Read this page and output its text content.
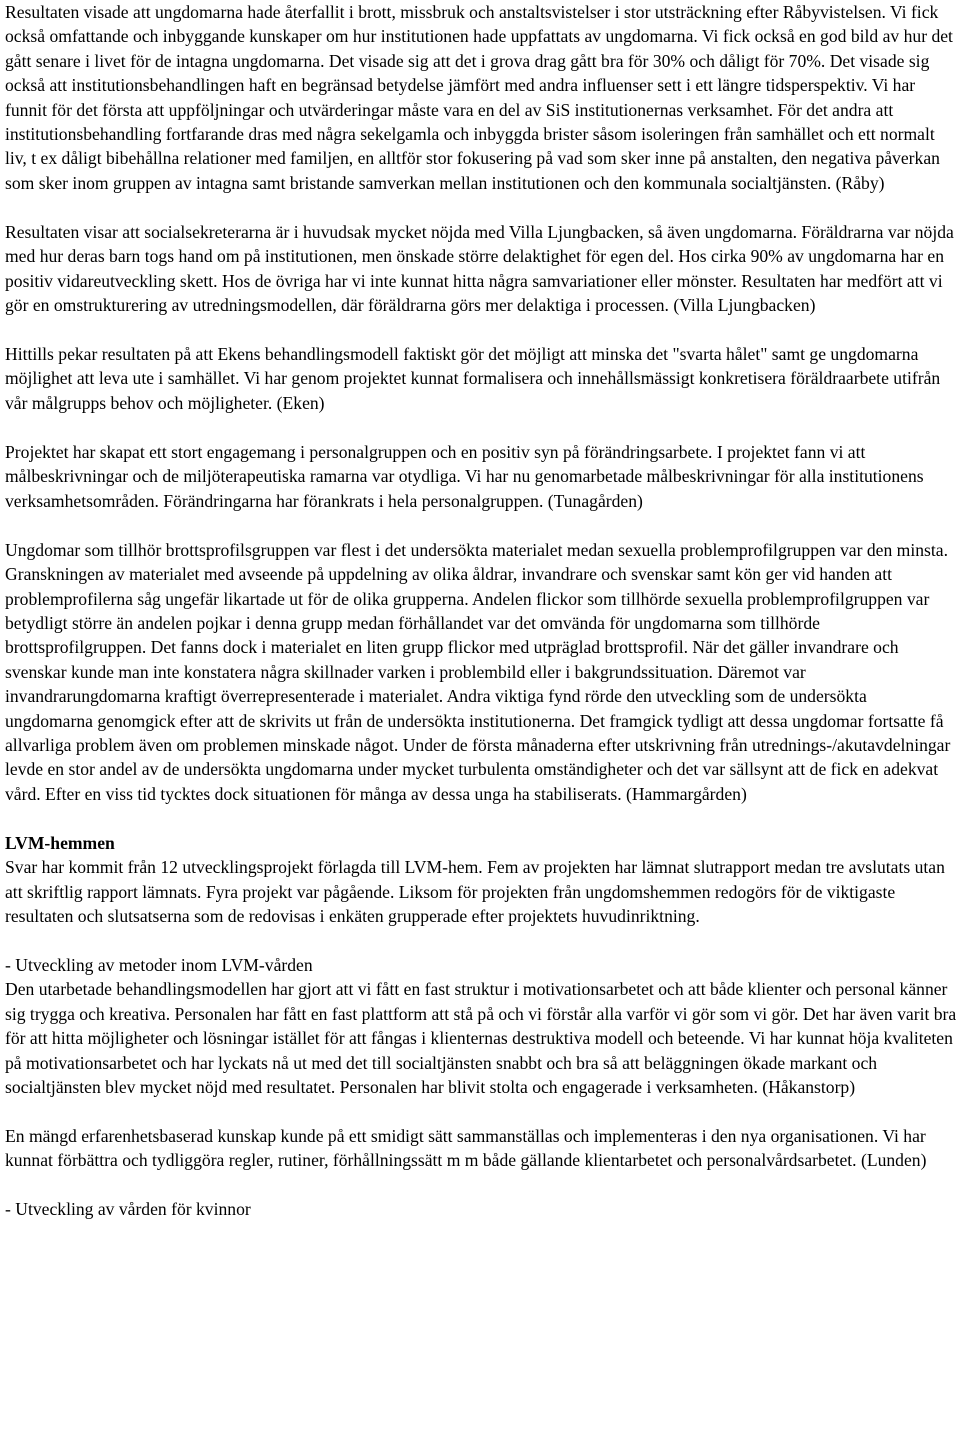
Resultaten visade att ungdomarna hade återfallit i brott, missbruk och anstaltsvistelser i stor utsträckning efter Råbyvistelsen. Vi fick också omfattande och inbyggande kunskaper om hur institutionen hade uppfattats av ungdomarna. Vi fick också en god bild av hur det gått senare i livet för de intagna ungdomarna. Det visade sig att det i grova drag gått bra för 30% och dåligt för 70%. Det visade sig också att institutionsbehandlingen haft en begränsad betydelse jämfört med andra influenser sett i ett längre tidsperspektiv. Vi har funnit för det första att uppföljningar och utvärderingar måste vara en del av SiS institutionernas verksamhet. För det andra att institutionsbehandling fortfarande dras med några sekelgamla och inbyggda brister såsom isoleringen från samhället och ett normalt liv, t ex dåligt bibehållna relationer med familjen, en alltför stor fokusering på vad som sker inne på anstalten, den negativa påverkan som sker inom gruppen av intagna samt bristande samverkan mellan institutionen och den kommunala socialtjänsten. (Råby)

Resultaten visar att socialsekreterarna är i huvudsak mycket nöjda med Villa Ljungbacken, så även ungdomarna. Föräldrarna var nöjda med hur deras barn togs hand om på institutionen, men önskade större delaktighet för egen del. Hos cirka 90% av ungdomarna har en positiv vidareutveckling skett. Hos de övriga har vi inte kunnat hitta några samvariationer eller mönster. Resultaten har medfört att vi gör en omstrukturering av utredningsmodellen, där föräldrarna görs mer delaktiga i processen. (Villa Ljungbacken)

Hittills pekar resultaten på att Ekens behandlingsmodell faktiskt gör det möjligt att minska det "svarta hålet" samt ge ungdomarna möjlighet att leva ute i samhället. Vi har genom projektet kunnat formalisera och innehållsmässigt konkretisera föräldraarbete utifrån vår målgrupps behov och möjligheter. (Eken)

Projektet har skapat ett stort engagemang i personalgruppen och en positiv syn på förändringsarbete. I projektet fann vi att målbeskrivningar och de miljöterapeutiska ramarna var otydliga. Vi har nu genomarbetade målbeskrivningar för alla institutionens verksamhetsområden. Förändringarna har förankrats i hela personalgruppen. (Tunagården)

Ungdomar som tillhör brottsprofilsgruppen var flest i det undersökta materialet medan sexuella problemprofilgruppen var den minsta. Granskningen av materialet med avseende på uppdelning av olika åldrar, invandrare och svenskar samt kön ger vid handen att problemprofilerna såg ungefär likartade ut för de olika grupperna. Andelen flickor som tillhörde sexuella problemprofilgruppen var betydligt större än andelen pojkar i denna grupp medan förhållandet var det omvända för ungdomarna som tillhörde brottsprofilgruppen. Det fanns dock i materialet en liten grupp flickor med utpräglad brottsprofil. När det gäller invandrare och svenskar kunde man inte konstatera några skillnader varken i problembild eller i bakgrundssituation. Däremot var invandrarungdomarna kraftigt överrepresenterade i materialet. Andra viktiga fynd rörde den utveckling som de undersökta ungdomarna genomgick efter att de skrivits ut från de undersökta institutionerna. Det framgick tydligt att dessa ungdomar fortsatte få allvarliga problem även om problemen minskade något. Under de första månaderna efter utskrivning från utrednings-/akutavdelningar levde en stor andel av de undersökta ungdomarna under mycket turbulenta omständigheter och det var sällsynt att de fick en adekvat vård. Efter en viss tid tycktes dock situationen för många av dessa unga ha stabiliserats. (Hammargården)

LVM-hemmen

Svar har kommit från 12 utvecklingsprojekt förlagda till LVM-hem. Fem av projekten har lämnat slutrapport medan tre avslutats utan att skriftlig rapport lämnats. Fyra projekt var pågående. Liksom för projekten från ungdomshemmen redogörs för de viktigaste resultaten och slutsatserna som de redovisas i enkäten grupperade efter projektets huvudinriktning.

- Utveckling av metoder inom LVM-vården

Den utarbetade behandlingsmodellen har gjort att vi fått en fast struktur i motivationsarbetet och att både klienter och personal känner sig trygga och kreativa. Personalen har fått en fast plattform att stå på och vi förstår alla varför vi gör som vi gör. Det har även varit bra för att hitta möjligheter och lösningar istället för att fångas i klienternas destruktiva modell och beteende. Vi har kunnat höja kvaliteten på motivationsarbetet och har lyckats nå ut med det till socialtjänsten snabbt och bra så att beläggningen ökade markant och socialtjänsten blev mycket nöjd med resultatet. Personalen har blivit stolta och engagerade i verksamheten. (Håkanstorp)

En mängd erfarenhetsbaserad kunskap kunde på ett smidigt sätt sammanställas och implementeras i den nya organisationen. Vi har kunnat förbättra och tydliggöra regler, rutiner, förhållningssätt m m både gällande klientarbetet och personalvårdsarbetet. (Lunden)

- Utveckling av vården för kvinnor
